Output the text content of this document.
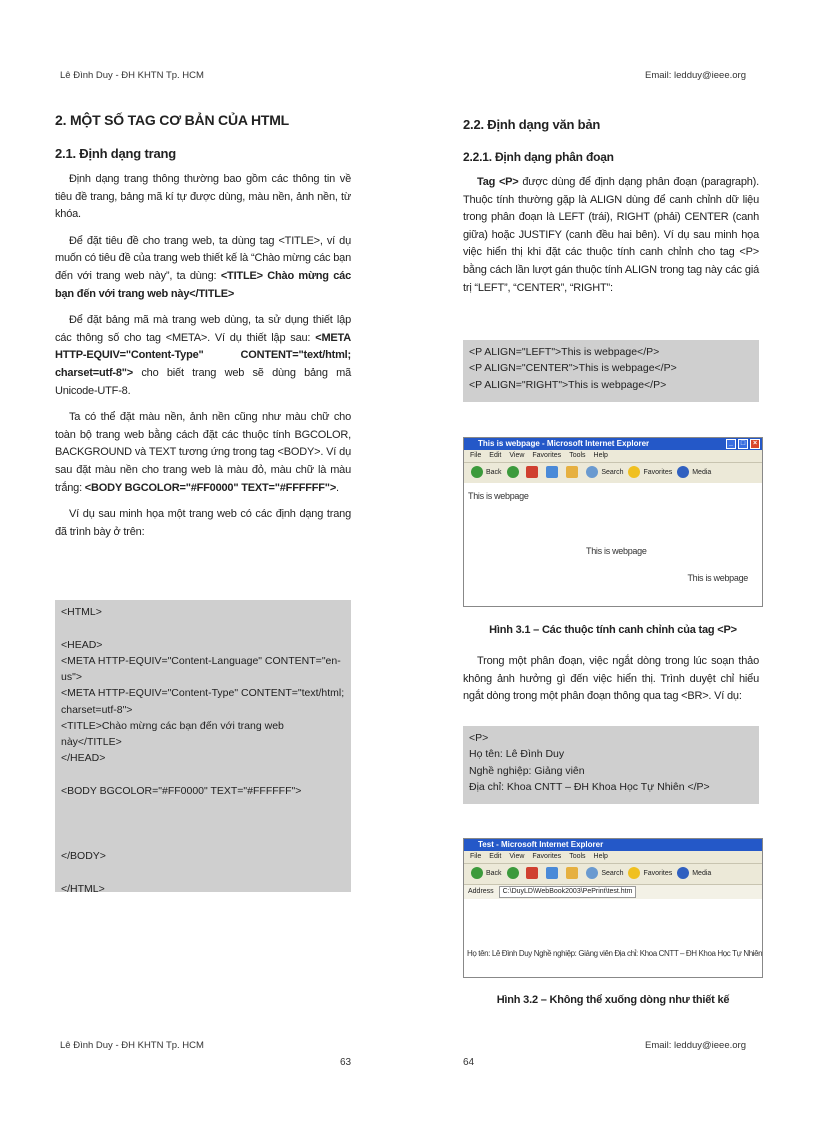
Lê Đình Duy - ĐH KHTN Tp. HCM
2. MỘT SỐ TAG CƠ BẢN CỦA HTML
2.1. Định dạng trang

Định dạng trang thông thường bao gồm các thông tin về tiêu đề trang, bảng mã kí tự được dùng, màu nền, ảnh nền, từ khóa.

Để đặt tiêu đề cho trang web, ta dùng tag <TITLE>, ví dụ muốn có tiêu đề của trang web thiết kế là “Chào mừng các bạn đến với trang web này”, ta dùng: <TITLE> Chào mừng các bạn đến với trang web này</TITLE>

Để đặt bảng mã mà trang web dùng, ta sử dụng thiết lập các thông số cho tag <META>. Ví dụ thiết lập sau: <META HTTP-EQUIV="Content-Type" CONTENT="text/html; charset=utf-8"> cho biết trang web sẽ dùng bảng mã Unicode-UTF-8.

Ta có thể đặt màu nền, ảnh nền cũng như màu chữ cho toàn bộ trang web bằng cách đặt các thuộc tính BGCOLOR, BACKGROUND và TEXT tương ứng trong tag <BODY>. Ví dụ sau đặt màu nền cho trang web là màu đỏ, màu chữ là màu trắng: <BODY BGCOLOR="#FF0000" TEXT="#FFFFFF">.

Ví dụ sau minh họa một trang web có các định dạng trang đã trình bày ở trên:

<HTML>

<HEAD>
<META HTTP-EQUIV="Content-Language" CONTENT="en-us">
<META HTTP-EQUIV="Content-Type" CONTENT="text/html; charset=utf-8">
<TITLE>Chào mừng các bạn đến với trang web này</TITLE>
</HEAD>

<BODY BGCOLOR="#FF0000" TEXT="#FFFFFF">

</BODY>

</HTML>
Lê Đình Duy - ĐH KHTN Tp. HCM
63
Email: ledduy@ieee.org
2.2. Định dạng văn bản
2.2.1. Định dạng phân đoạn

Tag <P> được dùng để định dạng phân đoạn (paragraph). Thuộc tính thường gặp là ALIGN dùng để canh chỉnh dữ liệu trong phân đoạn là LEFT (trái), RIGHT (phải) CENTER (canh giữa) hoặc JUSTIFY (canh đều hai bên). Ví dụ sau minh họa việc hiển thị khi đặt các thuộc tính canh chỉnh cho tag <P> bằng cách lần lượt gán thuộc tính ALIGN trong tag này các giá trị “LEFT”, “CENTER”, “RIGHT”:

<P ALIGN="LEFT">This is webpage</P>
<P ALIGN="CENTER">This is webpage</P>
<P ALIGN="RIGHT">This is webpage</P>
This is webpage - Microsoft Internet Explorer	_	□	×
File Edit View Favorites Tools Help
Back	Search	Favorites	Media
This is webpage
This is webpage
This is webpage
Hình 3.1 – Các thuộc tính canh chỉnh của tag <P>

Trong một phân đoạn, việc ngắt dòng trong lúc soạn thảo không ảnh hưởng gì đến việc hiển thị. Trình duyệt chỉ hiểu ngắt dòng trong một phân đoạn thông qua tag <BR>. Ví dụ:

<P>
Họ tên: Lê Đình Duy
Nghề nghiệp: Giảng viên
Địa chỉ: Khoa CNTT – ĐH Khoa Học Tự Nhiên </P>
Test - Microsoft Internet Explorer
File Edit View Favorites Tools Help
Back	Search	Favorites	Media
Address C:\DuyLD\WebBook2003\PePrint\test.htm
Họ tên: Lê Đình Duy Nghề nghiệp: Giảng viên Địa chỉ: Khoa CNTT – ĐH Khoa Học Tự Nhiên
Hình 3.2 – Không thể xuống dòng như thiết kế
Email: ledduy@ieee.org
64
